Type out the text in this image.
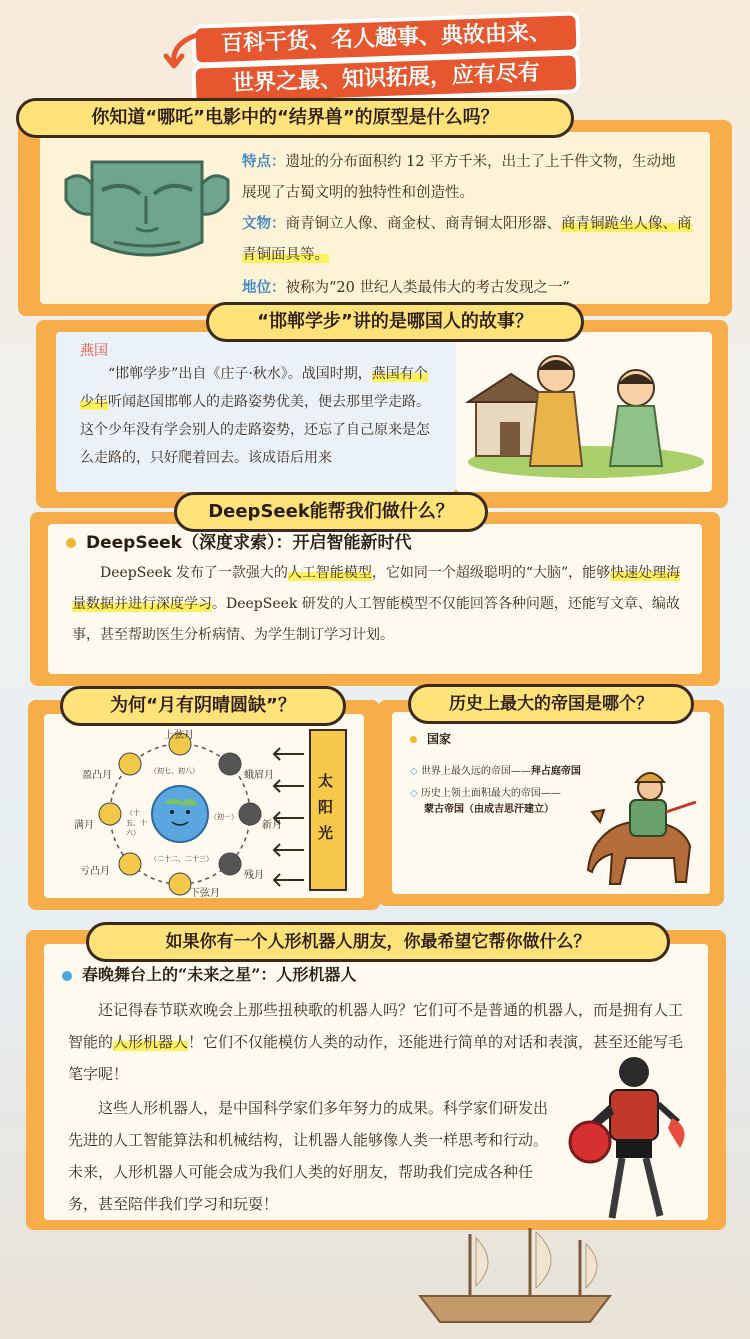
百科干货、名人趣事、典故由来、
世界之最、知识拓展，应有尽有
你知道“哪吒”电影中的“结界兽”的原型是什么吗？
特点：遗址的分布面积约 12 平方千米，出土了上千件文物，生动地展现了古蜀文明的独特性和创造性。
文物：商青铜立人像、商金杖、商青铜太阳形器、商青铜跪坐人像、商青铜面具等。
地位：被称为“20 世纪人类最伟大的考古发现之一”
“邯郸学步”讲的是哪国人的故事？
燕国
“邯郸学步”出自《庄子·秋水》。战国时期，燕国有个少年听闻赵国邯郸人的走路姿势优美，便去那里学走路。这个少年没有学会别人的走路姿势，还忘了自己原来是怎么走路的，只好爬着回去。该成语后用来
DeepSeek能帮我们做什么？
DeepSeek（深度求索）：开启智能新时代
DeepSeek 发布了一款强大的人工智能模型，它如同一个超级聪明的“大脑”，能够快速处理海量数据并进行深度学习。DeepSeek 研发的人工智能模型不仅能回答各种问题，还能写文章、编故事，甚至帮助医生分析病情、为学生制订学习计划。
为何“月有阴晴圆缺”？
上弦月
盈凸月
满月
亏凸月
下弦月
残月
新月
蛾眉月
（初七、初八）
（十五、十六）
（初一）
（二十二、二十三）
太阳光
历史上最大的帝国是哪个？
国家
◇ 世界上最久远的帝国——拜占庭帝国
◇ 历史上领土面积最大的帝国——
蒙古帝国（由成吉思汗建立）
如果你有一个人形机器人朋友，你最希望它帮你做什么？
春晚舞台上的“未来之星”：人形机器人
还记得春节联欢晚会上那些扭秧歌的机器人吗？它们可不是普通的机器人，而是拥有人工智能的人形机器人！它们不仅能模仿人类的动作，还能进行简单的对话和表演，甚至还能写毛笔字呢！
这些人形机器人，是中国科学家们多年努力的成果。科学家们研发出先进的人工智能算法和机械结构，让机器人能够像人类一样思考和行动。未来，人形机器人可能会成为我们人类的好朋友，帮助我们完成各种任务，甚至陪伴我们学习和玩耍！
